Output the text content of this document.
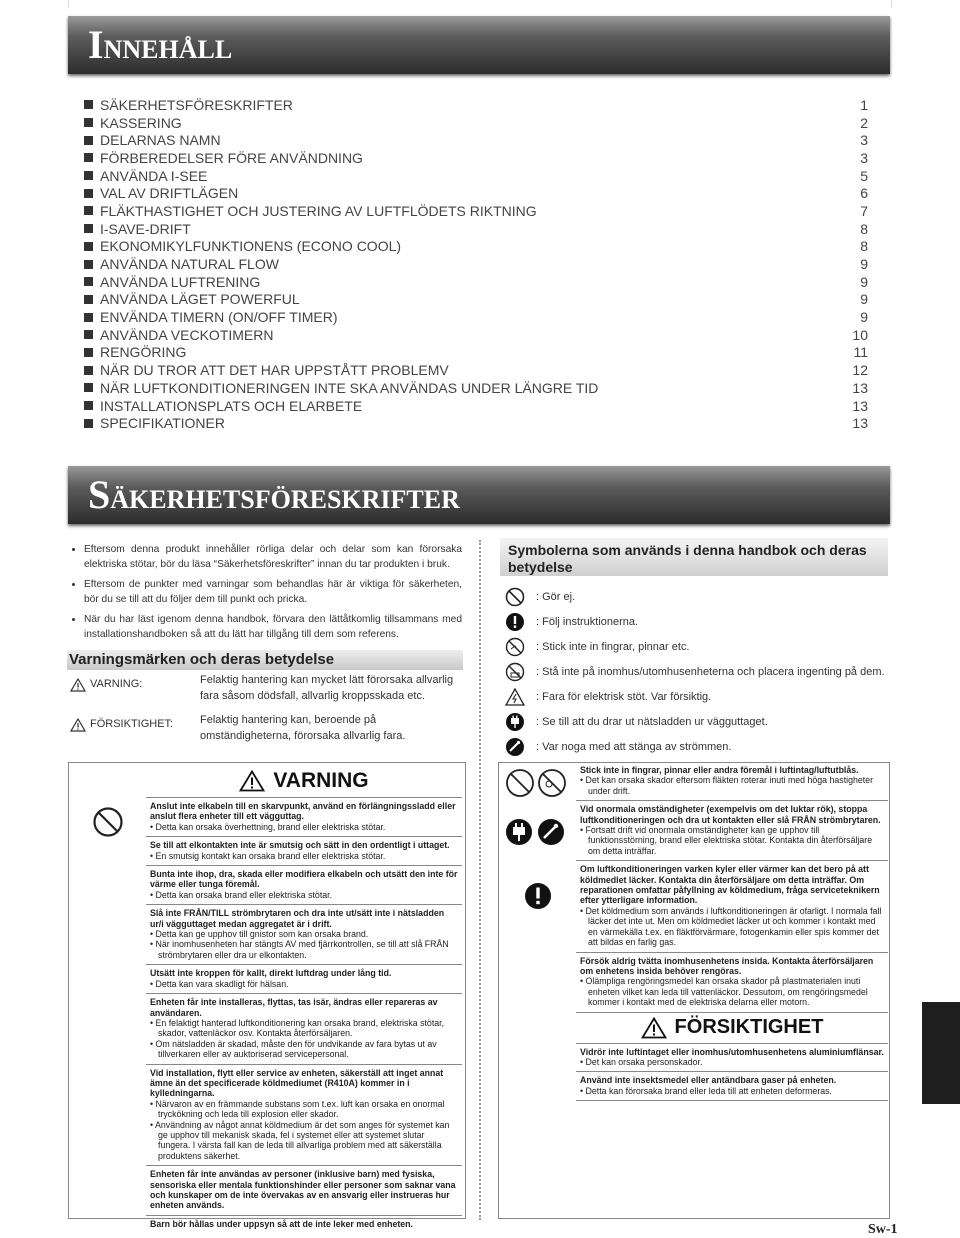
INNEHÅLL
SÄKERHETSFÖRESKRIFTER	1
KASSERING	2
DELARNAS NAMN	3
FÖRBEREDELSER FÖRE ANVÄNDNING	3
ANVÄNDA I-SEE	5
VAL AV DRIFTLÄGEN	6
FLÄKTHASTIGHET OCH JUSTERING AV LUFTFLÖDETS RIKTNING	7
I-SAVE-DRIFT	8
EKONOMIKYLFUNKTIONENS (ECONO COOL)	8
ANVÄNDA NATURAL FLOW	9
ANVÄNDA LUFTRENING	9
ANVÄNDA LÄGET POWERFUL	9
ENVÄNDA TIMERN (ON/OFF TIMER)	9
ANVÄNDA VECKOTIMERN	10
RENGÖRING	11
NÄR DU TROR ATT DET HAR UPPSTÅTT PROBLEMV	12
NÄR LUFTKONDITIONERINGEN INTE SKA ANVÄNDAS UNDER LÄNGRE TID	13
INSTALLATIONSPLATS OCH ELARBETE	13
SPECIFIKATIONER	13
SÄKERHETSFÖRESKRIFTER
• Eftersom denna produkt innehåller rörliga delar och delar som kan förorsaka elektriska stötar, bör du läsa “Säkerhetsföreskrifter” innan du tar produkten i bruk.
• Eftersom de punkter med varningar som behandlas här är viktiga för säkerheten, bör du se till att du följer dem till punkt och pricka.
• När du har läst igenom denna handbok, förvara den lättåtkomlig tillsammans med installationshandboken så att du lätt har tillgång till dem som referens.
Varningsmärken och deras betydelse
VARNING:	Felaktig hantering kan mycket lätt förorsaka allvarlig fara såsom dödsfall, allvarlig kroppsskada etc.
FÖRSIKTIGHET: Felaktig hantering kan, beroende på omständigheterna, förorsaka allvarlig fara.
Symbolerna som används i denna handbok och deras betydelse
: Gör ej.
: Följ instruktionerna.
: Stick inte in fingrar, pinnar etc.
: Stå inte på inomhus/utomhusenheterna och placera ingenting på dem.
: Fara för elektrisk stöt. Var försiktig.
: Se till att du drar ut nätsladden ur vägguttaget.
: Var noga med att stänga av strömmen.
VARNING
Anslut inte elkabeln till en skarvpunkt, använd en förlängningssladd eller anslut flera enheter till ett vägguttag.
• Detta kan orsaka överhettning, brand eller elektriska stötar.
Se till att elkontakten inte är smutsig och sätt in den ordentligt i uttaget.
• En smutsig kontakt kan orsaka brand eller elektriska stötar.
Bunta inte ihop, dra, skada eller modifiera elkabeln och utsätt den inte för värme eller tunga föremål.
• Detta kan orsaka brand eller elektriska stötar.
Slå inte FRÅN/TILL strömbrytaren och dra inte ut/sätt inte i nätsladden ur/i vägguttaget medan aggregatet är i drift.
• Detta kan ge upphov till gnistor som kan orsaka brand.
• När inomhusenheten har stängts AV med fjärrkontrollen, se till att slå FRÅN strömbrytaren eller dra ur elkontakten.
Utsätt inte kroppen för kallt, direkt luftdrag under lång tid.
• Detta kan vara skadligt för hälsan.
Enheten får inte installeras, flyttas, tas isär, ändras eller repareras av användaren.
• En felaktigt hanterad luftkonditionering kan orsaka brand, elektriska stötar, skador, vattenläckor osv. Kontakta återförsäljaren.
• Om nätsladden är skadad, måste den för undvikande av fara bytas ut av tillverkaren eller av auktoriserad servicepersonal.
Vid installation, flytt eller service av enheten, säkerställ att inget annat ämne än det specificerade köldmediumet (R410A) kommer in i kylledningarna.
• Närvaron av en främmande substans som t.ex. luft kan orsaka en onormal tryckökning och leda till explosion eller skador.
• Användning av något annat köldmedium är det som anges för systemet kan ge upphov till mekanisk skada, fel i systemet eller att systemet slutar fungera. I värsta fall kan de leda till allvarliga problem med att säkerställa produktens säkerhet.
Enheten får inte användas av personer (inklusive barn) med fysiska, sensoriska eller mentala funktionshinder eller personer som saknar vana och kunskaper om de inte övervakas av en ansvarig eller instrueras hur enheten används.
Barn bör hållas under uppsyn så att de inte leker med enheten.
Stick inte in fingrar, pinnar eller andra föremål i luftintag/luftutblås.
• Det kan orsaka skador eftersom fläkten roterar inuti med höga hastigheter under drift.
Vid onormala omständigheter (exempelvis om det luktar rök), stoppa luftkonditioneringen och dra ut kontakten eller slå FRÅN strömbrytaren.
• Fortsatt drift vid onormala omständigheter kan ge upphov till funktionsstörning, brand eller elektriska stötar. Kontakta din återförsäljare om detta inträffar.
Om luftkonditioneringen varken kyler eller värmer kan det bero på att köldmedlet läcker. Kontakta din återförsäljare om detta inträffar. Om reparationen omfattar påfyllning av köldmedium, fråga serviceteknikern efter ytterligare information.
• Det köldmedium som används i luftkonditioneringen är ofarligt. I normala fall läcker det inte ut. Men om köldmediet läcker ut och kommer i kontakt med en värmekälla t.ex. en fläktförvärmare, fotogenkamin eller spis kommer det att bildas en farlig gas.
Försök aldrig tvätta inomhusenhetens insida. Kontakta återförsäljaren om enhetens insida behöver rengöras.
• Olämpliga rengöringsmedel kan orsaka skador på plastmaterialen inuti enheten vilket kan leda till vattenläckor. Dessutom, om rengöringsmedel kommer i kontakt med de elektriska delarna eller motorn.
FÖRSIKTIGHET
Vidrör inte luftintaget eller inomhus/utomhusenhetens aluminiumflänsar.
• Det kan orsaka personskador.
Använd inte insektsmedel eller antändbara gaser på enheten.
• Detta kan förorsaka brand eller leda till att enheten deformeras.
Sw-1
